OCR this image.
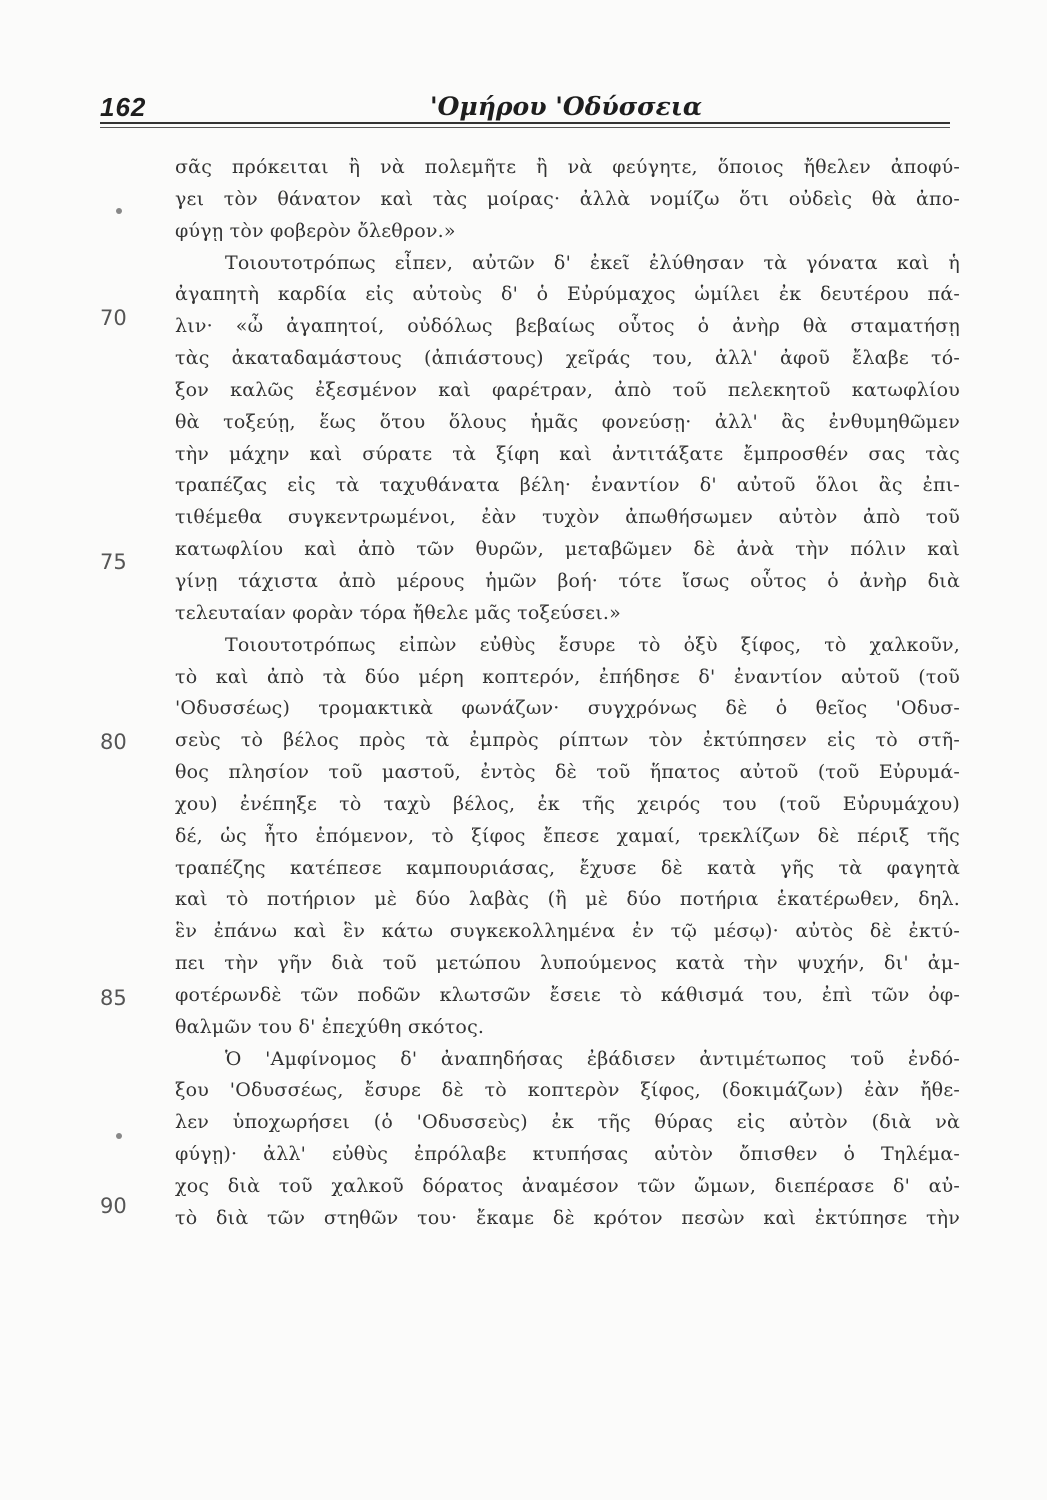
162	'Ομήρου 'Οδύσσεια
70
75
80
85
90
σᾶς πρόκειται ἢ νὰ πολεμῆτε ἢ νὰ φεύγητε, ὅποιος ἤθελεν ἀποφύ-
γει τὸν θάνατον καὶ τὰς μοίρας· ἀλλὰ νομίζω ὅτι οὐδεὶς θὰ ἀπο-
φύγῃ τὸν φοβερὸν ὄλεθρον.»
Τοιουτοτρόπως εἶπεν, αὐτῶν δ' ἐκεῖ ἐλύθησαν τὰ γόνατα καὶ ἡ
ἀγαπητὴ καρδία εἰς αὐτοὺς δ' ὁ Εὐρύμαχος ὡμίλει ἐκ δευτέρου πά-
λιν· «ὦ ἀγαπητοί, οὐδόλως βεβαίως οὗτος ὁ ἀνὴρ θὰ σταματήσῃ
τὰς ἀκαταδαμάστους (ἀπιάστους) χεῖράς του, ἀλλ' ἀφοῦ ἔλαβε τό-
ξον καλῶς ἐξεσμένον καὶ φαρέτραν, ἀπὸ τοῦ πελεκητοῦ κατωφλίου
θὰ τοξεύῃ, ἕως ὅτου ὅλους ἡμᾶς φονεύσῃ· ἀλλ' ἂς ἐνθυμηθῶμεν
τὴν μάχην καὶ σύρατε τὰ ξίφη καὶ ἀντιτάξατε ἔμπροσθέν σας τὰς
τραπέζας εἰς τὰ ταχυθάνατα βέλη· ἐναντίον δ' αὐτοῦ ὅλοι ἂς ἐπι-
τιθέμεθα συγκεντρωμένοι, ἐὰν τυχὸν ἀπωθήσωμεν αὐτὸν ἀπὸ τοῦ
κατωφλίου καὶ ἀπὸ τῶν θυρῶν, μεταβῶμεν δὲ ἀνὰ τὴν πόλιν καὶ
γίνῃ τάχιστα ἀπὸ μέρους ἡμῶν βοή· τότε ἴσως οὗτος ὁ ἀνὴρ διὰ
τελευταίαν φορὰν τόρα ἤθελε μᾶς τοξεύσει.»
Τοιουτοτρόπως εἰπὼν εὐθὺς ἔσυρε τὸ ὀξὺ ξίφος, τὸ χαλκοῦν,
τὸ καὶ ἀπὸ τὰ δύο μέρη κοπτερόν, ἐπήδησε δ' ἐναντίον αὐτοῦ (τοῦ
'Οδυσσέως) τρομακτικὰ φωνάζων· συγχρόνως δὲ ὁ θεῖος 'Οδυσ-
σεὺς τὸ βέλος πρὸς τὰ ἐμπρὸς ρίπτων τὸν ἐκτύπησεν εἰς τὸ στῆ-
θος πλησίον τοῦ μαστοῦ, ἐντὸς δὲ τοῦ ἥπατος αὐτοῦ (τοῦ Εὐρυμά-
χου) ἐνέπηξε τὸ ταχὺ βέλος, ἐκ τῆς χειρός του (τοῦ Εὐρυμάχου)
δέ, ὡς ἦτο ἑπόμενον, τὸ ξίφος ἔπεσε χαμαί, τρεκλίζων δὲ πέριξ τῆς
τραπέζης κατέπεσε καμπουριάσας, ἔχυσε δὲ κατὰ γῆς τὰ φαγητὰ
καὶ τὸ ποτήριον μὲ δύο λαβὰς (ἢ μὲ δύο ποτήρια ἑκατέρωθεν, δηλ.
ἓν ἐπάνω καὶ ἓν κάτω συγκεκολλημένα ἐν τῷ μέσῳ)· αὐτὸς δὲ ἐκτύ-
πει τὴν γῆν διὰ τοῦ μετώπου λυπούμενος κατὰ τὴν ψυχήν, δι' ἀμ-
φοτέρωνδὲ τῶν ποδῶν κλωτσῶν ἔσειε τὸ κάθισμά του, ἐπὶ τῶν ὀφ-
θαλμῶν του δ' ἐπεχύθη σκότος.
Ὁ 'Αμφίνομος δ' ἀναπηδήσας ἐβάδισεν ἀντιμέτωπος τοῦ ἐνδό-
ξου 'Οδυσσέως, ἔσυρε δὲ τὸ κοπτερὸν ξίφος, (δοκιμάζων) ἐὰν ἤθε-
λεν ὑποχωρήσει (ὁ 'Οδυσσεὺς) ἐκ τῆς θύρας εἰς αὐτὸν (διὰ νὰ
φύγῃ)· ἀλλ' εὐθὺς ἐπρόλαβε κτυπήσας αὐτὸν ὄπισθεν ὁ Τηλέμα-
χος διὰ τοῦ χαλκοῦ δόρατος ἀναμέσον τῶν ὤμων, διεπέρασε δ' αὐ-
τὸ διὰ τῶν στηθῶν του· ἔκαμε δὲ κρότον πεσὼν καὶ ἐκτύπησε τὴν
